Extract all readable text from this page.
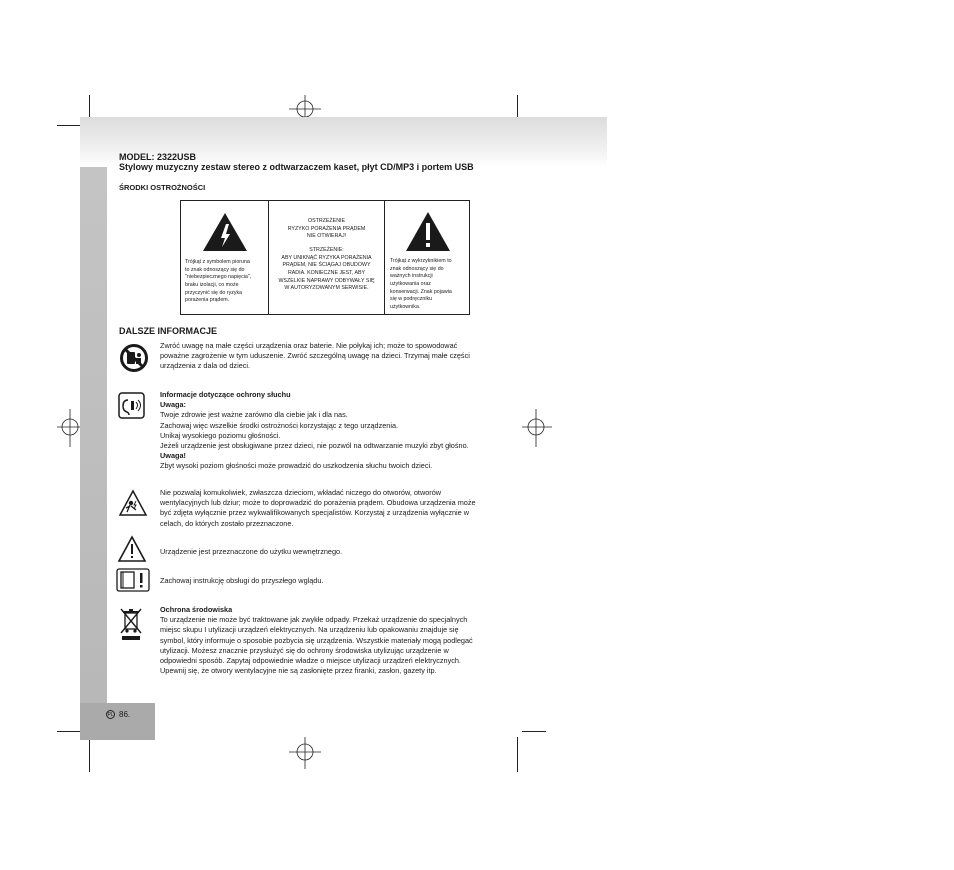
MODEL: 2322USB
Stylowy muzyczny zestaw stereo z odtwarzaczem kaset, płyt CD/MP3 i portem USB
ŚRODKI OSTROŻNOŚCI
Trójkąt z symbolem pioruna
to znak odnoszący się do
"niebezpiecznego napięcia",
braku izolacji, co może
przyczynić się do ryzyka
porażenia prądem.
OSTRZEŻENIE
RYZYKO PORAŻENIA PRĄDEM
NIE OTWIERAJ!
STRZEŻENIE:
ABY UNIKNĄĆ RYZYKA PORAŻENIA
PRĄDEM, NIE ŚCIĄGAJ OBUDOWY
RADIA. KONIECZNE JEST, ABY
WSZELKIE NAPRAWY ODBYWAŁY SIĘ
W AUTORYZOWANYM SERWISIE.
Trójkąt z wykrzyknikiem to
znak odnoszący się do
ważnych instrukcji
użytkowania oraz
konserwacji. Znak pojawia
się w podręczniku
użytkownika.
DALSZE INFORMACJE
Zwróć uwagę na małe części urządzenia oraz baterie. Nie połykaj ich; może to spowodować
poważne zagrożenie w tym uduszenie. Zwróć szczególną uwagę na dzieci. Trzymaj małe części
urządzenia z dala od dzieci.
Informacje dotyczące ochrony słuchu
Uwaga:
Twoje zdrowie jest ważne zarówno dla ciebie jak i dla nas.
Zachowaj więc wszelkie środki ostrożności korzystając z tego urządzenia.
Unikaj wysokiego poziomu głośności.
Jeżeli urządzenie jest obsługiwane przez dzieci, nie pozwól na odtwarzanie muzyki zbyt głośno.
Uwaga!
Zbyt wysoki poziom głośności może prowadzić do uszkodzenia słuchu twoich dzieci.
Nie pozwalaj komukolwiek, zwłaszcza dzieciom, wkładać niczego do otworów, otworów
wentylacyjnych lub dziur; może to doprowadzić do porażenia prądem. Obudowa urządzenia może
być zdjęta wyłącznie przez wykwalifikowanych specjalistów. Korzystaj z urządzenia wyłącznie w
celach, do których zostało przeznaczone.
Urządzenie jest przeznaczone do użytku wewnętrznego.
Zachowaj instrukcję obsługi do przyszłego wglądu.
Ochrona środowiska
To urządzenie nie może być traktowane jak zwykłe odpady. Przekaż urządzenie do specjalnych
miejsc skupu I utylizacji urządzeń elektrycznych. Na urządzeniu lub opakowaniu znajduje się
symbol, który informuje o sposobie pozbycia się urządzenia. Wszystkie materiały mogą podlegać
utylizacji. Możesz znacznie przysłużyć się do ochrony środowiska utylizując urządzenie w
odpowiedni sposób. Zapytaj odpowiednie władze o miejsce utylizacji urządzeń elektrycznych.
Upewnij się, że otwory wentylacyjne nie są zasłonięte przez firanki, zasłon, gazety itp.
PL 86.
